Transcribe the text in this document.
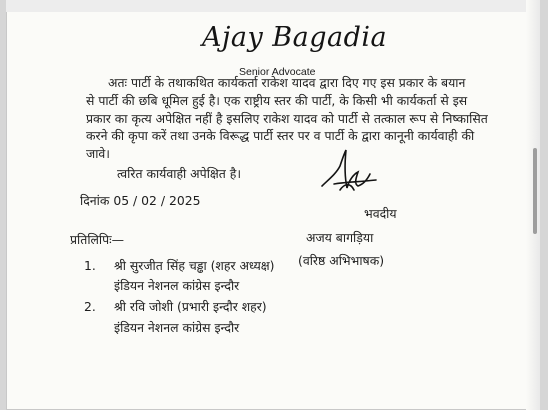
Ajay Bagadia
Senior Advocate
अतः पार्टी के तथाकथित कार्यकर्ता राकेश यादव द्वारा दिए गए इस प्रकार के बयान
से पार्टी की छबि धूमिल हुई है। एक राष्ट्रीय स्तर की पार्टी, के किसी भी कार्यकर्ता से इस
प्रकार का कृत्य अपेक्षित नहीं है इसलिए राकेश यादव को पार्टी से तत्काल रूप से निष्कासित
करने की कृपा करें तथा उनके विरूद्ध पार्टी स्तर पर व पार्टी के द्वारा कानूनी कार्यवाही की
जावे।
त्वरित कार्यवाही अपेक्षित है।
दिनांक 05 / 02 / 2025
भवदीय
प्रतिलिपिः—	अजय बागड़िया
(वरिष्ठ अभिभाषक)
1. श्री सुरजीत सिंह चड्ढा (शहर अध्यक्ष)
इंडियन नेशनल कांग्रेस इन्दौर
2. श्री रवि जोशी (प्रभारी इन्दौर शहर)
इंडियन नेशनल कांग्रेस इन्दौर
